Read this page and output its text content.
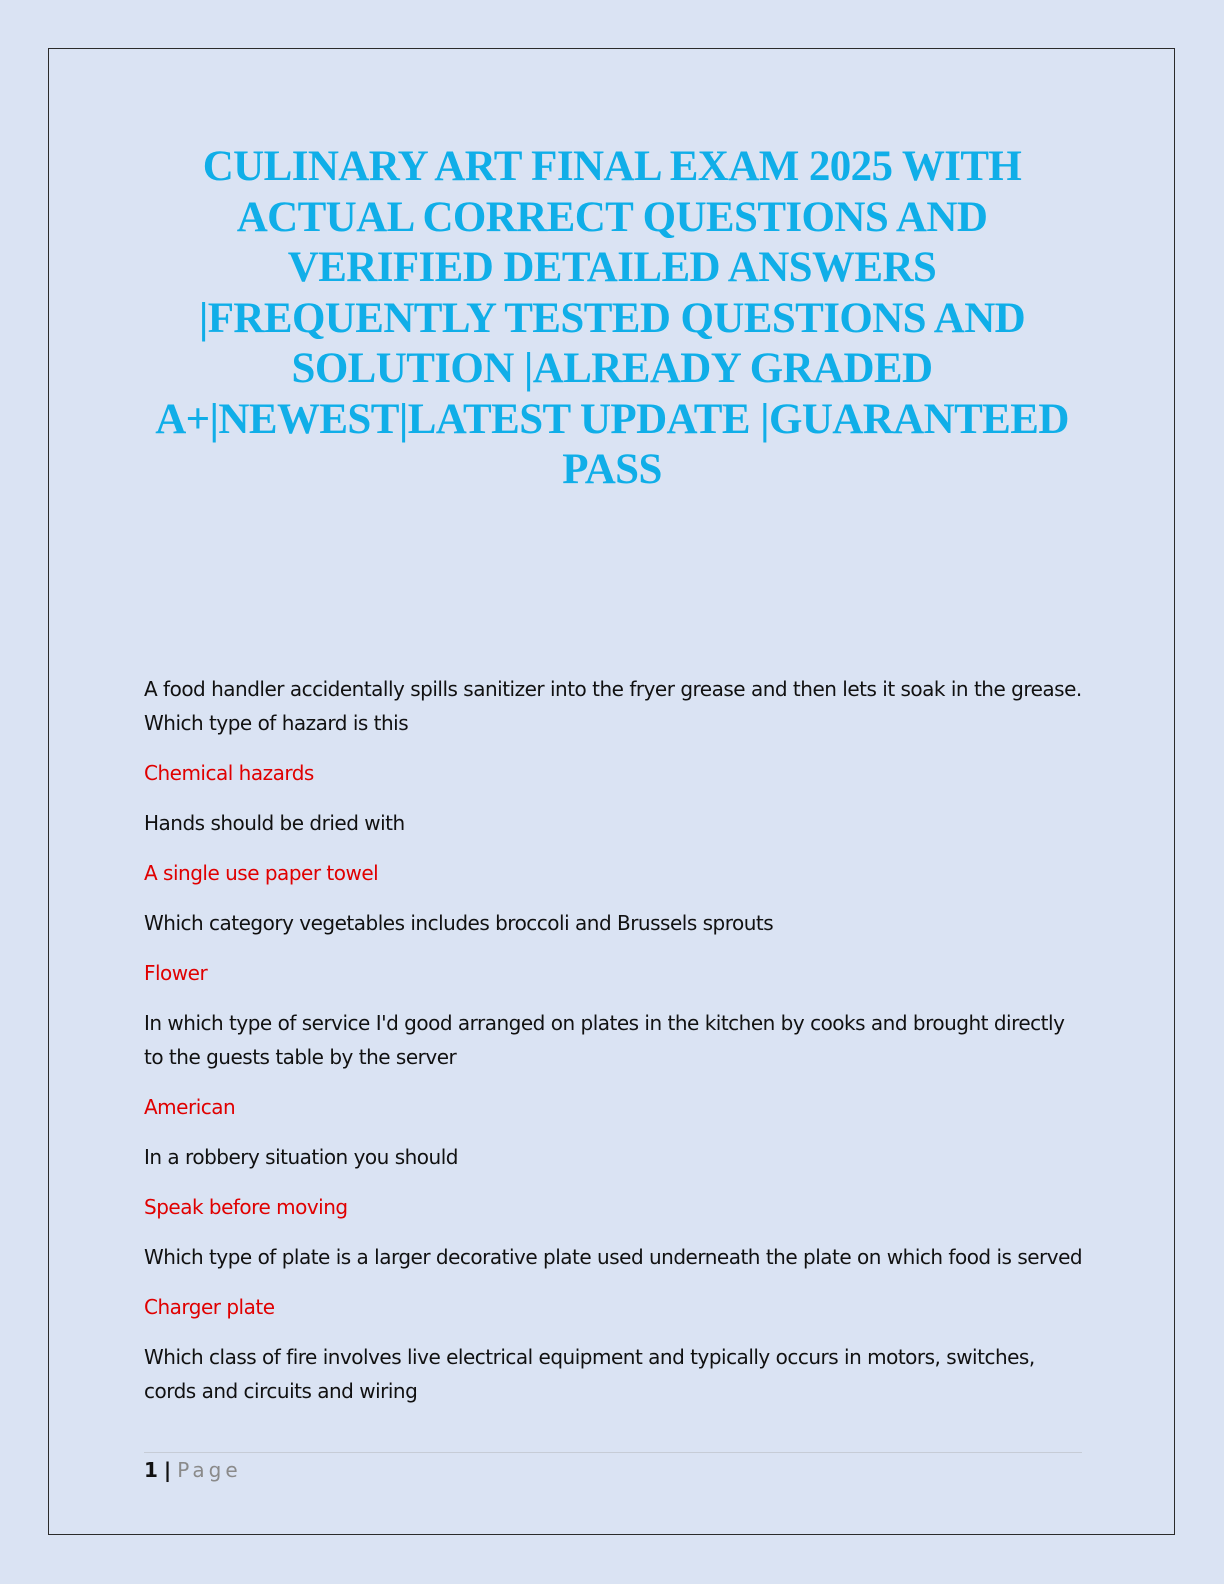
CULINARY ART FINAL EXAM 2025 WITH
ACTUAL CORRECT QUESTIONS AND
VERIFIED DETAILED ANSWERS
|FREQUENTLY TESTED QUESTIONS AND
SOLUTION |ALREADY GRADED
A+|NEWEST|LATEST UPDATE |GUARANTEED
PASS

A food handler accidentally spills sanitizer into the fryer grease and then lets it soak in the grease. Which type of hazard is this

Chemical hazards

Hands should be dried with

A single use paper towel

Which category vegetables includes broccoli and Brussels sprouts

Flower

In which type of service I'd good arranged on plates in the kitchen by cooks and brought directly to the guests table by the server

American

In a robbery situation you should

Speak before moving

Which type of plate is a larger decorative plate used underneath the plate on which food is served

Charger plate

Which class of fire involves live electrical equipment and typically occurs in motors, switches, cords and circuits and wiring

1 | Page
